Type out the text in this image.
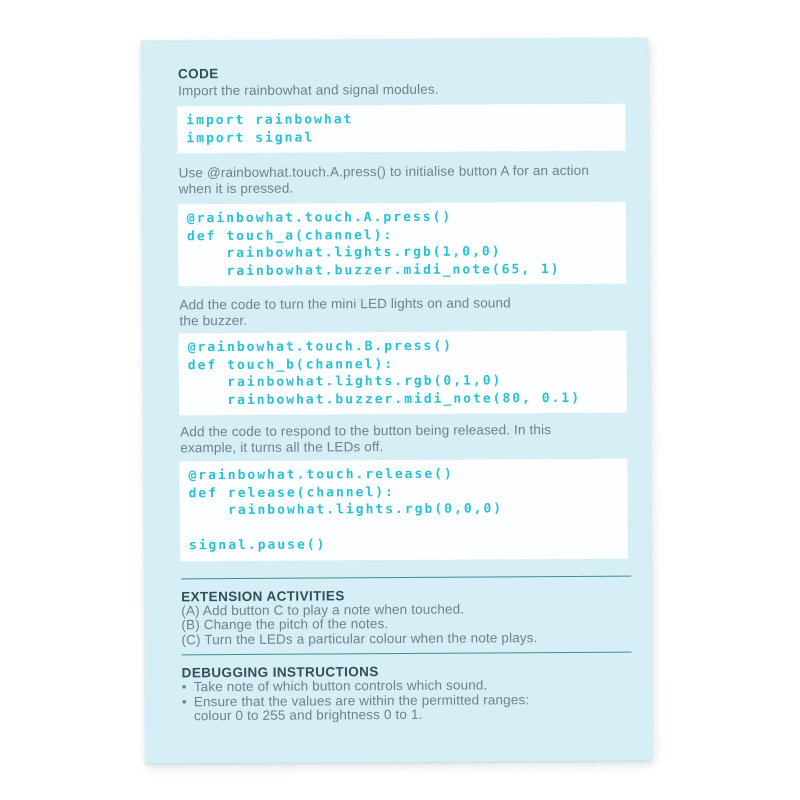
CODE
Import the rainbowhat and signal modules.
import rainbowhat
import signal
Use @rainbowhat.touch.A.press() to initialise button A for an action
when it is pressed.
@rainbowhat.touch.A.press()
def touch_a(channel):
rainbowhat.lights.rgb(1,0,0)
rainbowhat.buzzer.midi_note(65, 1)
Add the code to turn the mini LED lights on and sound
the buzzer.
@rainbowhat.touch.B.press()
def touch_b(channel):
rainbowhat.lights.rgb(0,1,0)
rainbowhat.buzzer.midi_note(80, 0.1)
Add the code to respond to the button being released. In this
example, it turns all the LEDs off.
@rainbowhat.touch.release()
def release(channel):
rainbowhat.lights.rgb(0,0,0)
signal.pause()
EXTENSION ACTIVITIES
(A) Add button C to play a note when touched.
(B) Change the pitch of the notes.
(C) Turn the LEDs a particular colour when the note plays.
DEBUGGING INSTRUCTIONS
• Take note of which button controls which sound.
• Ensure that the values are within the permitted ranges:
colour 0 to 255 and brightness 0 to 1.
